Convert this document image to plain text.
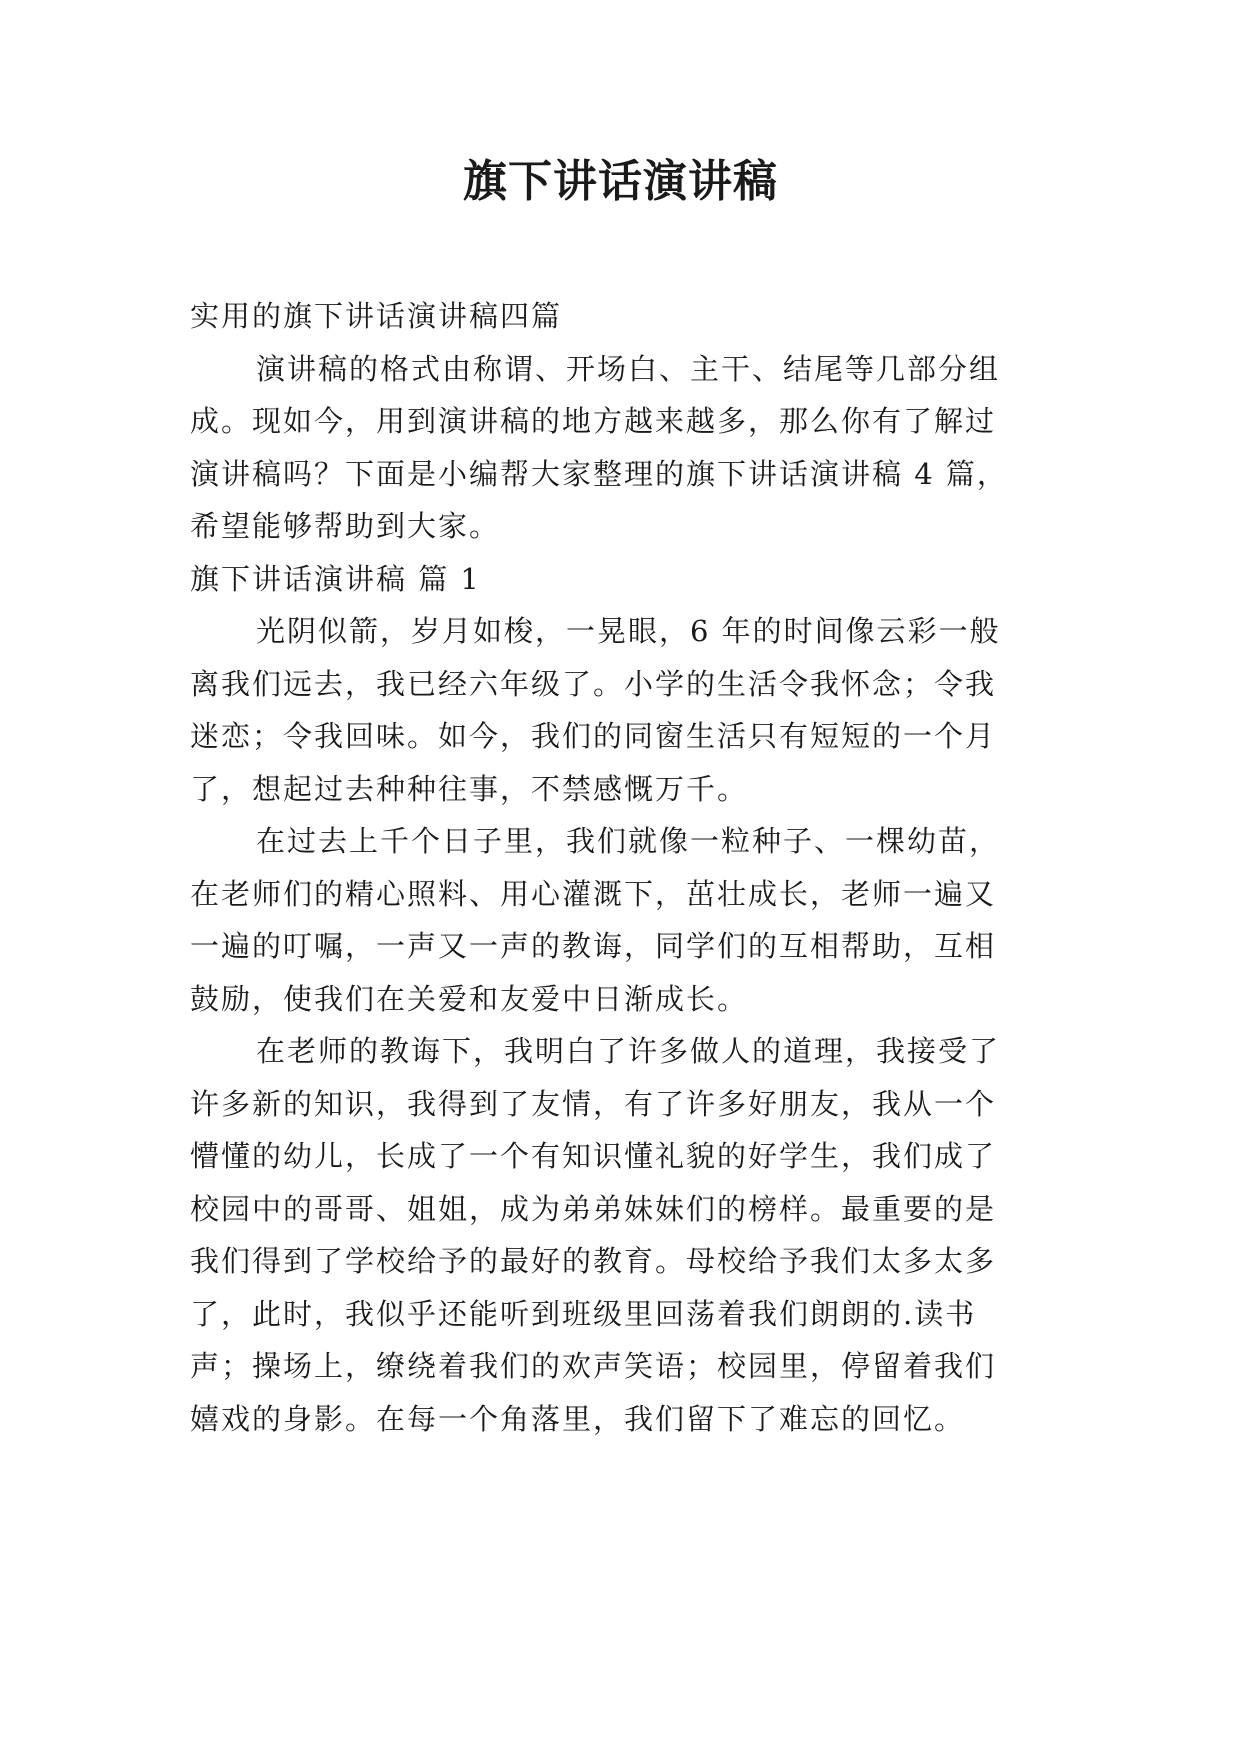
旗下讲话演讲稿
实用的旗下讲话演讲稿四篇
演讲稿的格式由称谓、开场白、主干、结尾等几部分组
成。现如今，用到演讲稿的地方越来越多，那么你有了解过
演讲稿吗？下面是小编帮大家整理的旗下讲话演讲稿 4 篇，
希望能够帮助到大家。
旗下讲话演讲稿 篇 1
光阴似箭，岁月如梭，一晃眼，6 年的时间像云彩一般
离我们远去，我已经六年级了。小学的生活令我怀念；令我
迷恋；令我回味。如今，我们的同窗生活只有短短的一个月
了，想起过去种种往事，不禁感慨万千。
在过去上千个日子里，我们就像一粒种子、一棵幼苗，
在老师们的精心照料、用心灌溉下，茁壮成长，老师一遍又
一遍的叮嘱，一声又一声的教诲，同学们的互相帮助，互相
鼓励，使我们在关爱和友爱中日渐成长。
在老师的教诲下，我明白了许多做人的道理，我接受了
许多新的知识，我得到了友情，有了许多好朋友，我从一个
懵懂的幼儿，长成了一个有知识懂礼貌的好学生，我们成了
校园中的哥哥、姐姐，成为弟弟妹妹们的榜样。最重要的是
我们得到了学校给予的最好的教育。母校给予我们太多太多
了，此时，我似乎还能听到班级里回荡着我们朗朗的.读书
声；操场上，缭绕着我们的欢声笑语；校园里，停留着我们
嬉戏的身影。在每一个角落里，我们留下了难忘的回忆。
